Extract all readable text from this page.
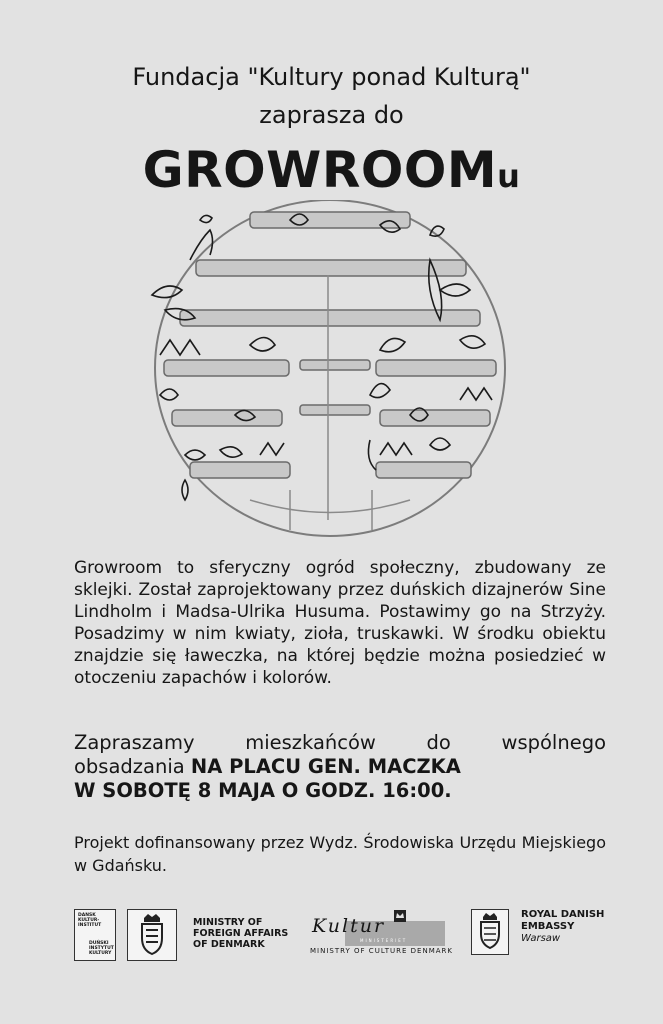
Fundacja "Kultury ponad Kulturą"
zaprasza do
GROWROOMu
Growroom to sferyczny ogród społeczny, zbudowany ze sklejki. Został zaprojektowany przez duńskich dizajnerów Sine Lindholm i Madsa-Ulrika Husuma. Postawimy go na Strzyży. Posadzimy w nim kwiaty, zioła, truskawki. W środku obiektu znajdzie się ławeczka, na której będzie można posiedzieć w otoczeniu zapachów i kolorów.
Zapraszamy	mieszkańców	do	wspólnego
obsadzania NA PLACU GEN. MACZKA
W SOBOTĘ 8 MAJA O GODZ. 16:00.
Projekt dofinansowany przez Wydz. Środowiska Urzędu Miejskiego w Gdańsku.
DANSK KULTUR-INSTITUT
DUŃSKI INSTYTUT KULTURY
MINISTRY OF
FOREIGN AFFAIRS
OF DENMARK
Kultur
MINISTERIET
MINISTRY OF CULTURE DENMARK
ROYAL DANISH
EMBASSY
Warsaw
